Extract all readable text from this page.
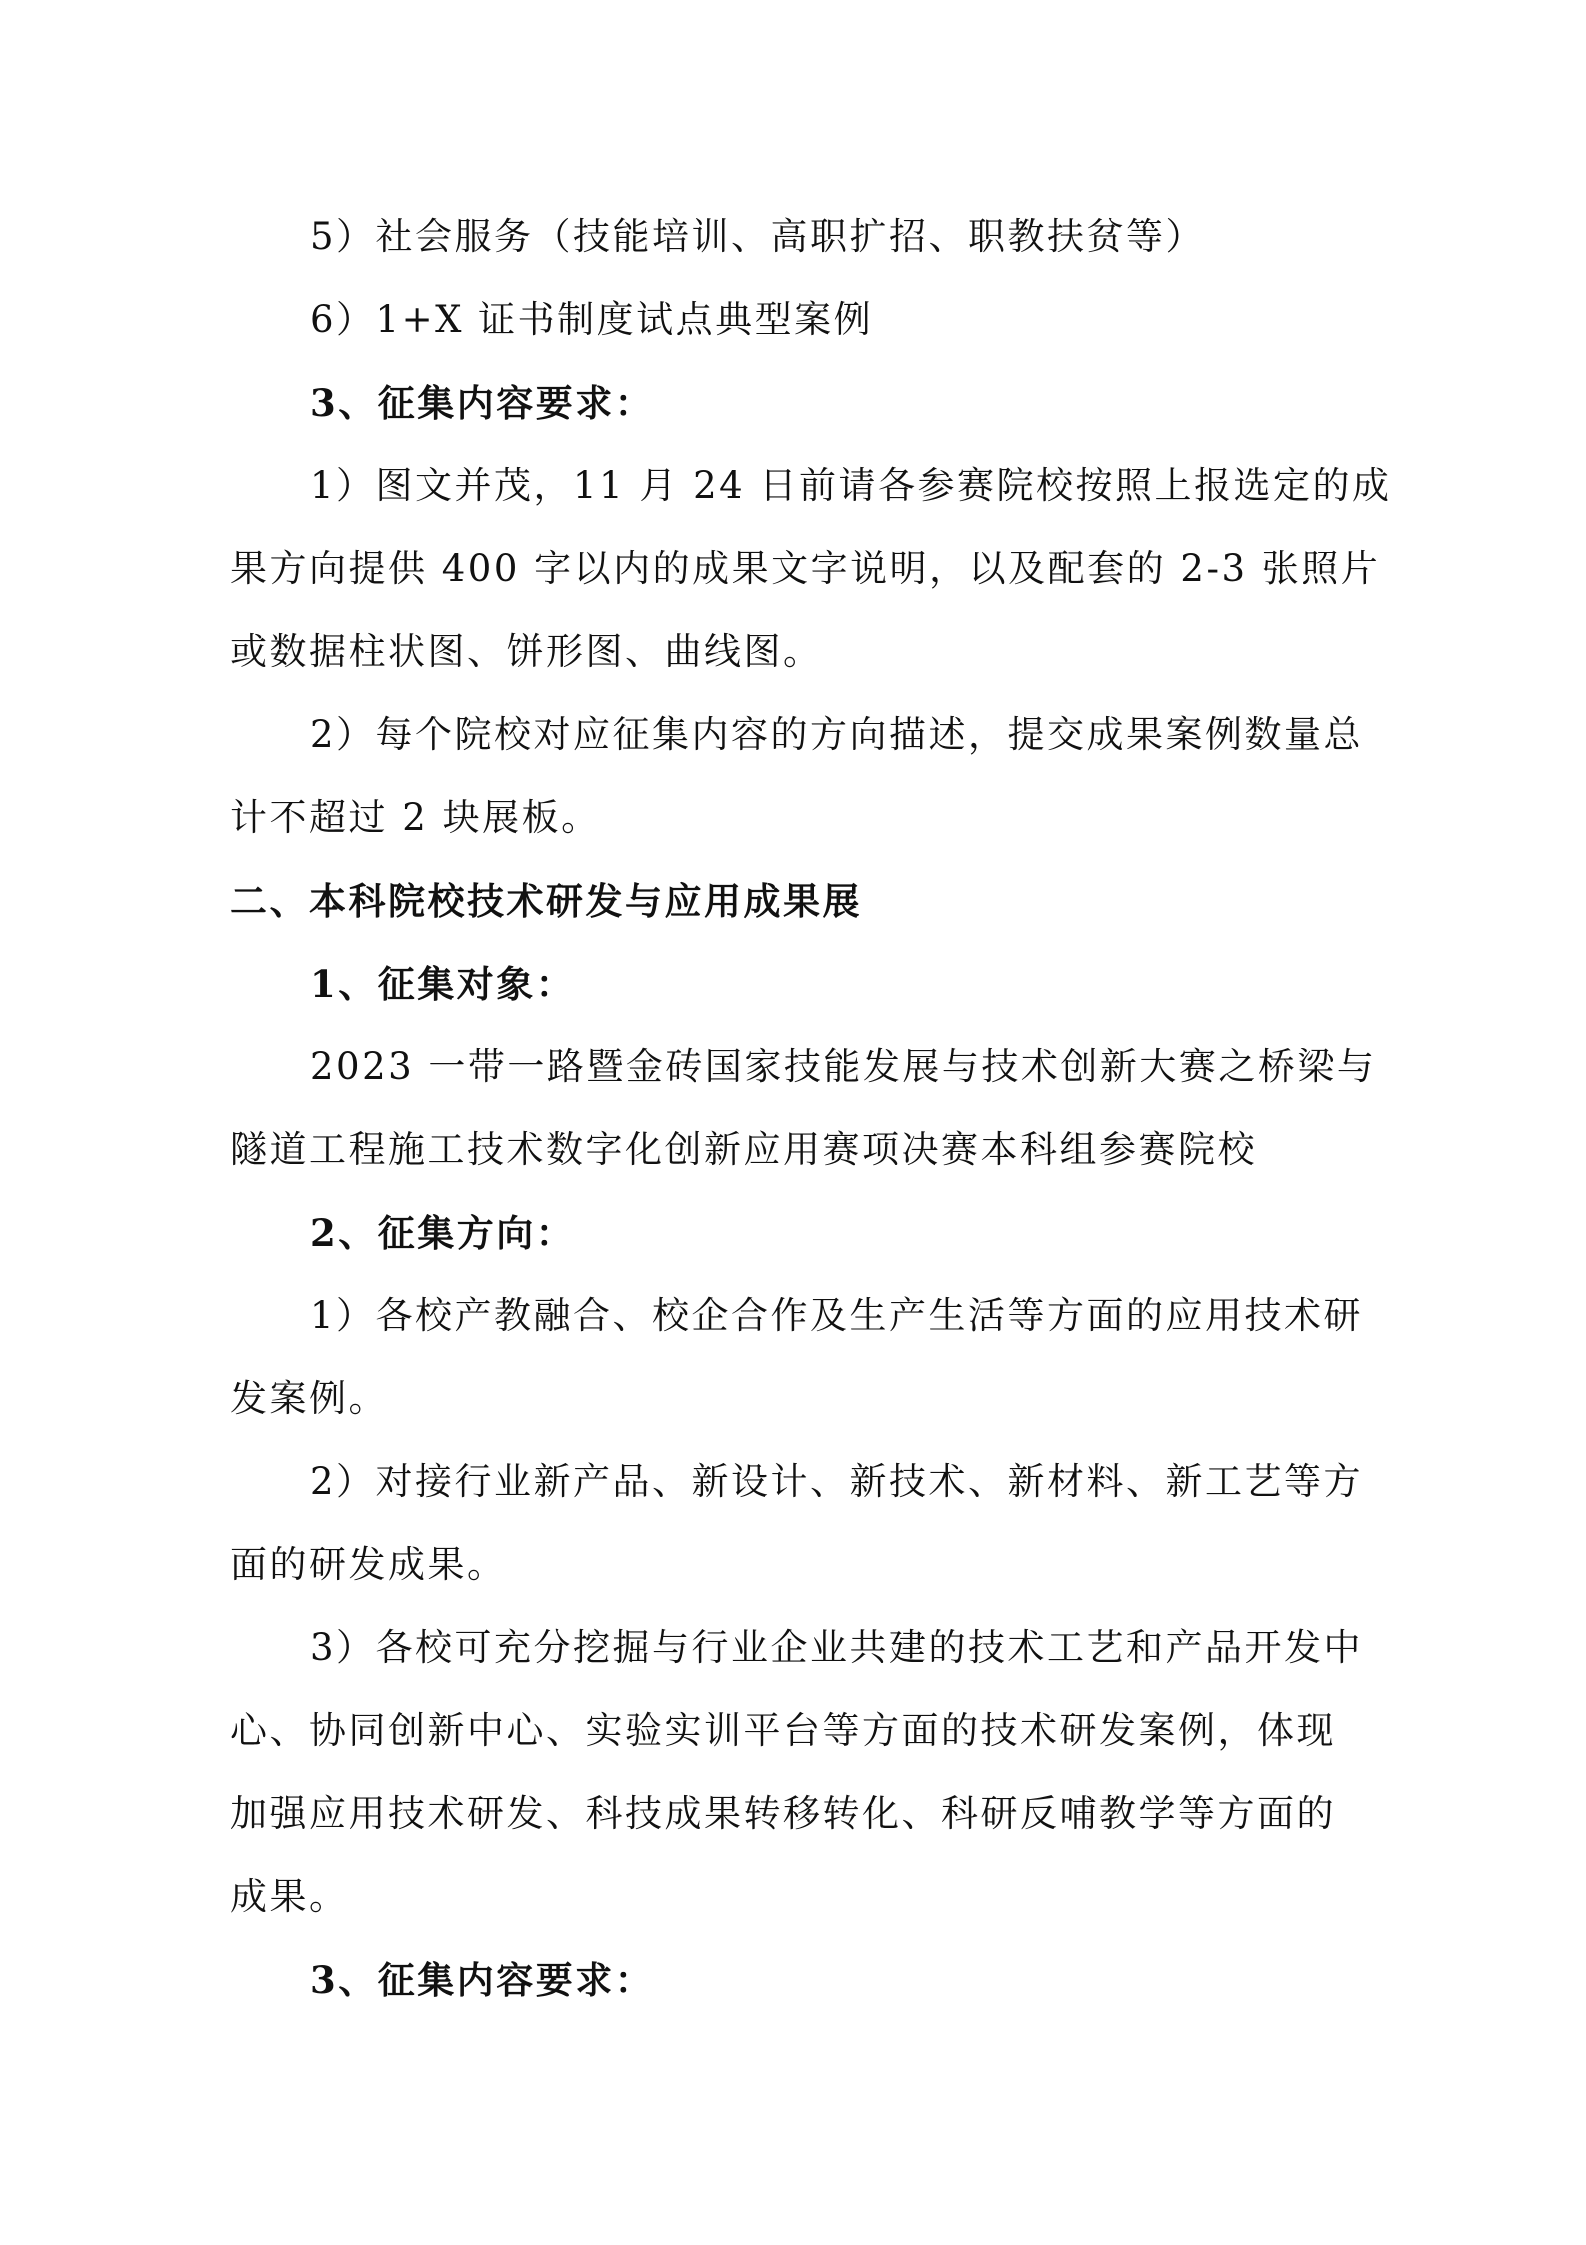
5）社会服务（技能培训、高职扩招、职教扶贫等）
6）1+X 证书制度试点典型案例
3、征集内容要求：
1）图文并茂，11 月 24 日前请各参赛院校按照上报选定的成
果方向提供 400 字以内的成果文字说明，以及配套的 2-3 张照片
或数据柱状图、饼形图、曲线图。
2）每个院校对应征集内容的方向描述，提交成果案例数量总
计不超过 2 块展板。
二、本科院校技术研发与应用成果展
1、征集对象：
2023 一带一路暨金砖国家技能发展与技术创新大赛之桥梁与
隧道工程施工技术数字化创新应用赛项决赛本科组参赛院校
2、征集方向：
1）各校产教融合、校企合作及生产生活等方面的应用技术研
发案例。
2）对接行业新产品、新设计、新技术、新材料、新工艺等方
面的研发成果。
3）各校可充分挖掘与行业企业共建的技术工艺和产品开发中
心、协同创新中心、实验实训平台等方面的技术研发案例，体现
加强应用技术研发、科技成果转移转化、科研反哺教学等方面的
成果。
3、征集内容要求：
